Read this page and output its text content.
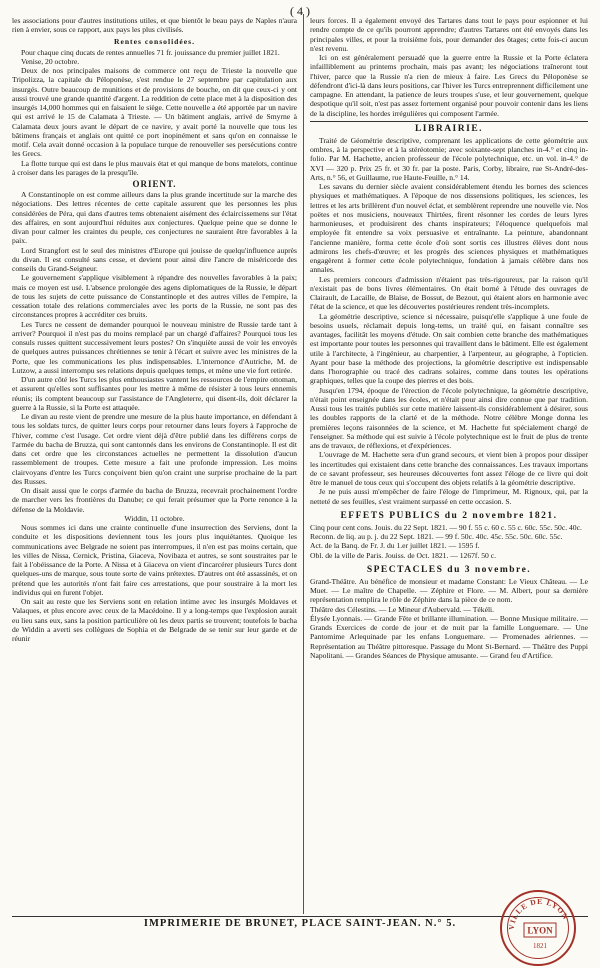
( 4 )

les associations pour d'autres institutions utiles, et que bientôt le beau pays de Naples n'aura rien à envier, sous ce rapport, aux pays les plus civilisés.

Rentes consolidées.

Pour chaque cinq ducats de rentes annuelles 71 fr. jouissance du premier juillet 1821.

Venise, 20 octobre.

Deux de nos principales maisons de commerce ont reçu de Trieste la nouvelle que Tripolizza, la capitale du Péloponèse, s'est rendue le 27 septembre par capitulation aux insurgés. Outre beaucoup de munitions et de provisions de bouche, on dit que ceux-ci y ont aussi trouvé une grande quantité d'argent. La reddition de cette place met à la disposition des insurgés 14,000 hommes qui en faisaient le siège. Cette nouvelle a été apportée par un navire qui est arrivé le 15 de Calamata à Trieste. — Un bâtiment anglais, arrivé de Smyrne à Calamata deux jours avant le départ de ce navire, y avait porté la nouvelle que tous les bâtimens français et anglais ont quitté ce port inopinément et sans qu'on en connaisse le motif. Cela avait donné occasion à la populace turque de renouveller ses persécutions contre les Grecs.

La flotte turque qui est dans le plus mauvais état et qui manque de bons matelots, continue à croiser dans les parages de la presqu'île.

ORIENT.

A Constantinople on est comme ailleurs dans la plus grande incertitude sur la marche des négociations. Des lettres récentes de cette capitale assurent que les personnes les plus considérées de Péra, qui dans d'autres tems obtenaient aisément des éclaircissemens sur l'état des affaires, en sont aujourd'hui réduites aux conjectures. Quelque peine que se donne le divan pour calmer les craintes du peuple, ces conjectures ne sauraient être favorables à la paix.

Lord Strangfort est le seul des ministres d'Europe qui jouisse de quelqu'influence auprès du divan. Il est consulté sans cesse, et devient pour ainsi dire l'ancre de miséricorde des conseils du Grand-Seigneur.

Le gouvernement s'applique visiblement à répandre des nouvelles favorables à la paix; mais ce moyen est usé. L'absence prolongée des agens diplomatiques de la Russie, le départ de tous les sujets de cette puissance de Constantinople et des autres villes de l'empire, la cessation totale des relations commerciales avec les ports de la Russie, ne sont pas des circonstances propres à accréditer ces bruits.

Les Turcs ne cessent de demander pourquoi le nouveau ministre de Russie tarde tant à arriver? Pourquoi il n'est pas du moins remplacé par un chargé d'affaires? Pourquoi tous les consuls russes quittent successivement leurs postes? On s'inquiète aussi de voir les envoyés de quelques autres puissances chrétiennes se tenir à l'écart et suivre avec les ministres de la Porte, que les communications les plus indispensables. L'internonce d'Autriche, M. de Lutzow, a aussi interrompu ses relations depuis quelques temps, et mène une vie fort retirée.

D'un autre côté les Turcs les plus enthousiastes vantent les ressources de l'empire ottoman, et assurent qu'elles sont suffisantes pour les mettre à même de résister à tous leurs ennemis réunis; ils comptent beaucoup sur l'assistance de l'Angleterre, qui disent-ils, doit déclarer la guerre à la Russie, si la Porte est attaquée.

Le divan au reste vient de prendre une mesure de la plus haute importance, en défendant à tous les soldats turcs, de quitter leurs corps pour retourner dans leurs foyers à l'approche de l'hiver, comme c'est l'usage. Cet ordre vient déjà d'être publié dans les différens corps de l'armée du bacha de Bruzza, qui sont cantonnés dans les environs de Constantinople. Il est dit dans cet ordre que les circonstances actuelles ne permettent la dissolution d'aucun rassemblement de troupes. Cette mesure a fait une profonde impression. Les moins clairvoyans d'entre les Turcs conçoivent bien qu'on craint une surprise prochaine de la part des Russes.

On disait aussi que le corps d'armée du bacha de Bruzza, recevrait prochainement l'ordre de marcher vers les frontières du Danube; ce qui ferait présumer que la Porte renonce à la défense de la Moldavie.

Widdin, 11 octobre.

Nous sommes ici dans une crainte continuelle d'une insurrection des Serviens, dont la conduite et les dispositions deviennent tous les jours plus inquiétantes. Quoique les communications avec Belgrade ne soient pas interrompues, il n'en est pas moins certain, que les villes de Nissa, Cernick, Pristina, Giaceva, Novibaza et autres, se sont soustraites par le fait à l'obéissance de la Porte. A Nissa et à Giaceva on vient d'incarcérer plusieurs Turcs dont quelques-uns de marque, sous toute sorte de vains prétextes. D'autres ont été assassinés, et on prétend que les autorités n'ont fait faire ces arrestations, que pour soustraire à la mort les individus qui en furent l'objet.

On sait au reste que les Serviens sont en relation intime avec les insurgés Moldaves et Valaques, et plus encore avec ceux de la Macédoine. Il y a long-temps que l'explosion aurait eu lieu sans eux, sans la position particulière où les deux partis se trouvent; toutefois le bacha de Widdin a averti ses collègues de Sophia et de Belgrade de se tenir sur leur garde et de réunir

leurs forces. Il a également envoyé des Tartares dans tout le pays pour espionner et lui rendre compte de ce qu'ils pourront apprendre; d'autres Tartares ont été envoyés dans les principales villes, et pour la troisième fois, pour demander des ôtages; cette fois-ci aucun n'est revenu.

Ici on est généralement persuadé que la guerre entre la Russie et la Porte éclatera infailliblement au printems prochain, mais pas avant; les négociations traîneront tout l'hiver, parce que la Russie n'a rien de mieux à faire. Les Grecs du Péloponèse se défendront d'ici-là dans leurs positions, car l'hiver les Turcs entreprennent difficilement une campagne. En attendant, la patience de leurs troupes s'use, et leur gouvernement, quelque despotique qu'il soit, n'est pas assez fortement organisé pour pouvoir contenir dans les liens de la discipline, les hordes irrégulières qui composent l'armée.

LIBRAIRIE.

Traité de Géométrie descriptive, comprenant les applications de cette géométrie aux ombres, à la perspective et à la stéréotomie; avec soixante-sept planches in-4.° et cinq in-folio. Par M. Hachette, ancien professeur de l'école polytechnique, etc. un vol. in-4.° de XVI — 320 p. Prix 25 fr. et 30 fr. par la poste. Paris, Corby, libraire, rue St-André-des-Arts, n.° 56, et Guillaume, rue Haute-Feuille, n.° 14.

Les savans du dernier siècle avaient considérablement étendu les bornes des sciences physiques et mathématiques. A l'époque de nos dissensions politiques, les sciences, les lettres et les arts brillèrent d'un nouvel éclat, et semblèrent reprendre une nouvelle vie. Nos poëtes et nos musiciens, nouveaux Thirtées, firent résonner les cordes de leurs lyres harmonieuses, et produisirent des chants inspirateurs; l'éloquence quelquefois mal employée fit entendre sa voix persuasive et entraînante. La peinture, abandonnant l'ancienne manière, forma cette école d'où sont sortis ces illustres élèves dont nous admirons les chefs-d'œuvre; et les progrès des sciences physiques et mathématiques engagèrent à former cette école polytechnique, fondation à jamais célèbre dans nos annales.

Les premiers concours d'admission n'étaient pas très-rigoureux, par la raison qu'il n'existait pas de bons livres élémentaires. On était borné à l'étude des ouvrages de Clairault, de Lacaille, de Blaise, de Bossut, de Bezout, qui étaient alors en harmonie avec l'état de la science, et que les découvertes postérieures rendent très-incomplets.

La géométrie descriptive, science si nécessaire, puisqu'elle s'applique à une foule de besoins usuels, réclamait depuis long-tems, un traité qui, en faisant connaître ses avantages, facilitât les moyens d'étude. On sait combien cette branche des mathématiques est importante pour toutes les personnes qui travaillent dans le bâtiment. Elle est également utile à l'architecte, à l'ingénieur, au charpentier, à l'arpenteur, au géographe, à l'opticien. Ayant pour base la méthode des projections, la géométrie descriptive est indispensable dans l'horographie ou tracé des cadrans solaires, comme dans toutes les opérations graphiques, telles que la coupe des pierres et des bois.

Jusqu'en 1794, époque de l'érection de l'école polytechnique, la géométrie descriptive, n'était point enseignée dans les écoles, et n'était pour ainsi dire connue que par tradition. Aussi tous les traités publiés sur cette matière laissent-ils considérablement à désirer, sous les doubles rapports de la clarté et de la méthode. Notre célèbre Monge donna les premières leçons raisonnées de la science, et M. Hachette fut spécialement chargé de l'enseigner. Sa méthode qui est suivie à l'école polytechnique est le fruit de plus de trente ans de travaux, de réflexions, et d'expériences.

L'ouvrage de M. Hachette sera d'un grand secours, et vient bien à propos pour dissiper les incertitudes qui existaient dans cette branche des connaissances. Les travaux importans de ce savant professeur, ses heureuses découvertes font assez l'éloge de ce livre qui doit être le manuel de tous ceux qui s'occupent des objets relatifs à la géométrie descriptive.

Je ne puis aussi m'empêcher de faire l'éloge de l'imprimeur, M. Rignoux, qui, par la netteté de ses feuilles, s'est vraiment surpassé en cette occasion. S.

EFFETS PUBLICS du 2 novembre 1821.

Cinq pour cent cons. Jouis. du 22 Sept. 1821. — 90 f. 55 c. 60 c. 55 c. 60c. 55c. 50c. 40c.

Reconn. de liq. au p. j. du 22 Sept. 1821. — 99 f. 50c. 40c. 45c. 55c. 50c. 60c. 55c.

Act. de la Banq. de Fr. J. du 1.er juillet 1821. — 1595 f.

Obl. de la ville de Paris. Jouiss. de Oct. 1821. — 1267f. 50 c.

SPECTACLES du 3 novembre.

Grand-Théâtre. Au bénéfice de monsieur et madame Constant: Le Vieux Château. — Le Muet. — Le maître de Chapelle. — Zéphire et Flore. — M. Albert, pour sa dernière représentation remplira le rôle de Zéphire dans la pièce de ce nom.

Théâtre des Célestins. — Le Mineur d'Aubervald. — Tékéli.

Élysée Lyonnais. — Grande Fête et brillante illumination. — Bonne Musique militaire. — Grands Exercices de corde de jour et de nuit par la famille Longuemare. — Une Pantomime Arlequinade par les enfans Longuemare. — Promenades aériennes. — Représentation au Théâtre pittoresque. Passage du Mont St-Bernard. — Théâtre des Puppi Napolitani. — Grandes Séances de Physique amusante. — Grand feu d'Artifice.

IMPRIMERIE DE BRUNET, PLACE SAINT-JEAN. N.° 5.	VILLE DE LYON
LYON
1821
